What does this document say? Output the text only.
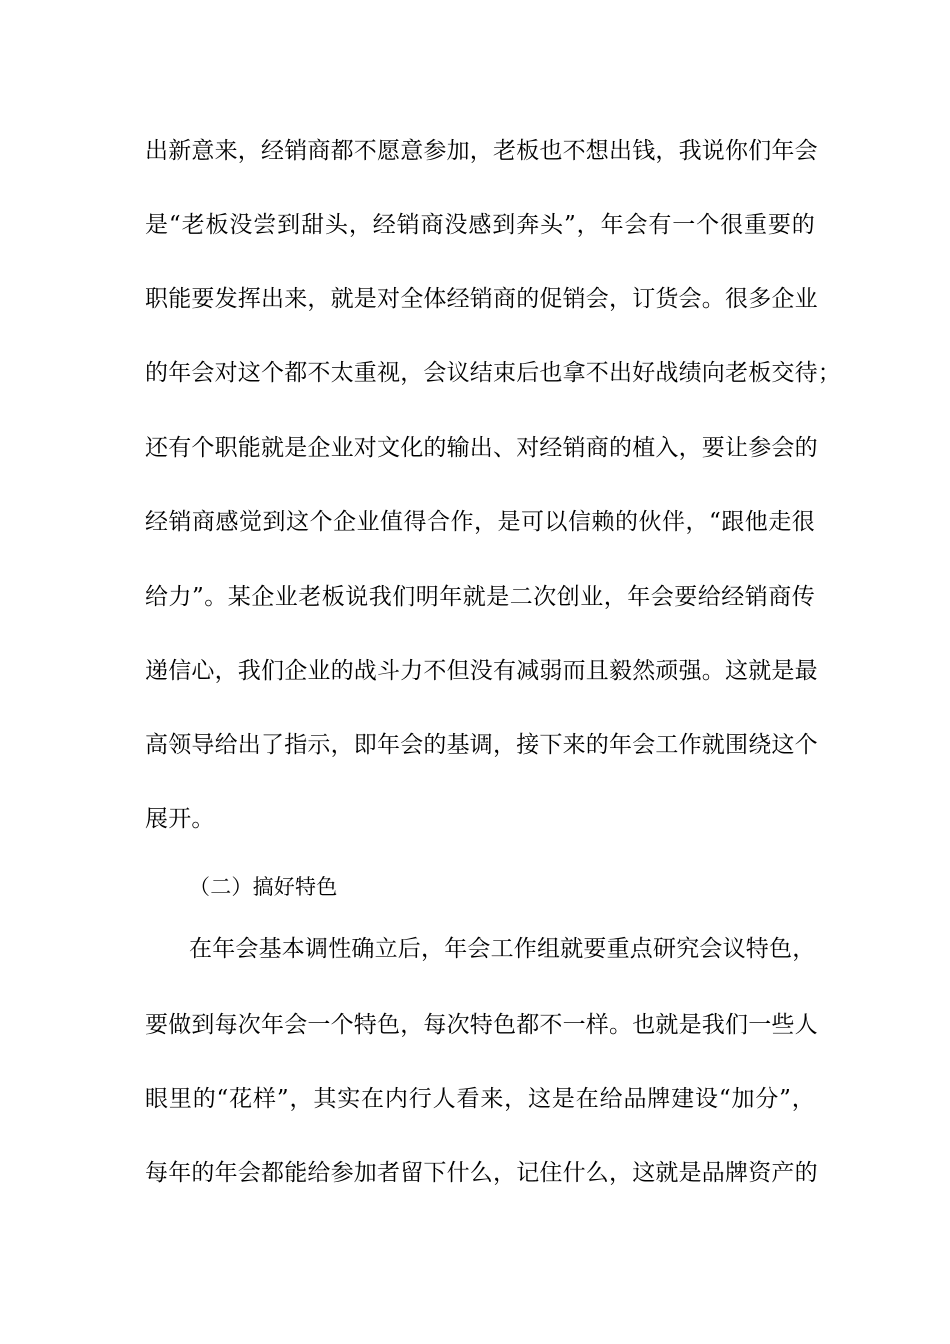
出新意来，经销商都不愿意参加，老板也不想出钱，我说你们年会
是“老板没尝到甜头，经销商没感到奔头”，年会有一个很重要的
职能要发挥出来，就是对全体经销商的促销会，订货会。很多企业
的年会对这个都不太重视，会议结束后也拿不出好战绩向老板交待；
还有个职能就是企业对文化的输出、对经销商的植入，要让参会的
经销商感觉到这个企业值得合作，是可以信赖的伙伴，“跟他走很
给力”。某企业老板说我们明年就是二次创业，年会要给经销商传
递信心，我们企业的战斗力不但没有减弱而且毅然顽强。这就是最
高领导给出了指示，即年会的基调，接下来的年会工作就围绕这个
展开。
（二）搞好特色
在年会基本调性确立后，年会工作组就要重点研究会议特色，
要做到每次年会一个特色，每次特色都不一样。也就是我们一些人
眼里的“花样”，其实在内行人看来，这是在给品牌建设“加分”，
每年的年会都能给参加者留下什么，记住什么，这就是品牌资产的
